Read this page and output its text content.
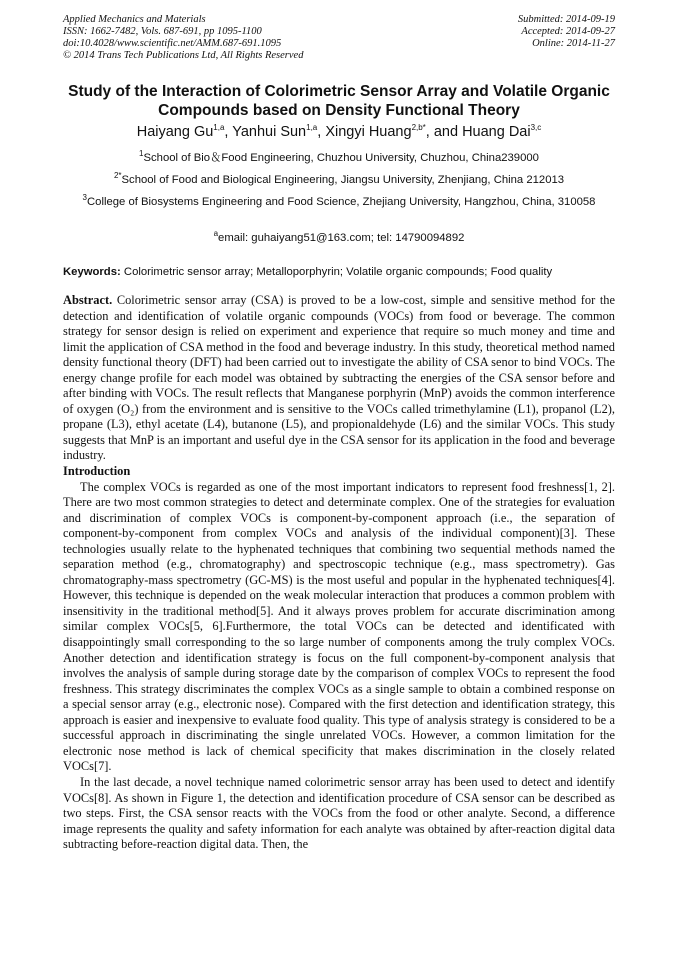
Applied Mechanics and Materials
ISSN: 1662-7482, Vols. 687-691, pp 1095-1100
doi:10.4028/www.scientific.net/AMM.687-691.1095
© 2014 Trans Tech Publications Ltd, All Rights Reserved
Submitted: 2014-09-19
Accepted: 2014-09-27
Online: 2014-11-27
Study of the Interaction of Colorimetric Sensor Array and Volatile Organic Compounds based on Density Functional Theory
Haiyang Gu$^{1,a}$, Yanhui Sun$^{1,a}$, Xingyi Huang$^{2,b*}$, and Huang Dai$^{3,c}$
$^1$School of Bio＆Food Engineering, Chuzhou University, Chuzhou, China239000
$^{2*}$School of Food and Biological Engineering, Jiangsu University, Zhenjiang, China 212013
$^3$College of Biosystems Engineering and Food Science, Zhejiang University, Hangzhou, China, 310058
$^a$email: guhaiyang51@163.com; tel: 14790094892
Keywords: Colorimetric sensor array; Metalloporphyrin; Volatile organic compounds; Food quality

Abstract. Colorimetric sensor array (CSA) is proved to be a low-cost, simple and sensitive method for the detection and identification of volatile organic compounds (VOCs) from food or beverage. The common strategy for sensor design is relied on experiment and experience that require so much money and time and limit the application of CSA method in the food and beverage industry. In this study, theoretical method named density functional theory (DFT) had been carried out to investigate the ability of CSA senor to bind VOCs. The energy change profile for each model was obtained by subtracting the energies of the CSA sensor before and after binding with VOCs. The result reflects that Manganese porphyrin (MnP) avoids the common interference of oxygen (O₂) from the environment and is sensitive to the VOCs called trimethylamine (L1), propanol (L2), propane (L3), ethyl acetate (L4), butanone (L5), and propionaldehyde (L6) and the similar VOCs. This study suggests that MnP is an important and useful dye in the CSA sensor for its application in the food and beverage industry.

Introduction

The complex VOCs is regarded as one of the most important indicators to represent food freshness[1, 2]. There are two most common strategies to detect and determinate complex. One of the strategies for evaluation and discrimination of complex VOCs is component-by-component approach (i.e., the separation of component-by-component from complex VOCs and analysis of the individual component)[3]. These technologies usually relate to the hyphenated techniques that combining two sequential methods named the separation method (e.g., chromatography) and spectroscopic technique (e.g., mass spectrometry). Gas chromatography-mass spectrometry (GC-MS) is the most useful and popular in the hyphenated techniques[4]. However, this technique is depended on the weak molecular interaction that produces a common problem with insensitivity in the traditional method[5]. And it always proves problem for accurate discrimination among similar complex VOCs[5, 6].Furthermore, the total VOCs can be detected and identificated with disappointingly small corresponding to the so large number of components among the truly complex VOCs. Another detection and identification strategy is focus on the full component-by-component analysis that involves the analysis of sample during storage date by the comparison of complex VOCs to represent the food freshness. This strategy discriminates the complex VOCs as a single sample to obtain a combined response on a special sensor array (e.g., electronic nose). Compared with the first detection and identification strategy, this approach is easier and inexpensive to evaluate food quality. This type of analysis strategy is considered to be a successful approach in discriminating the single unrelated VOCs. However, a common limitation for the electronic nose method is lack of chemical specificity that makes discrimination in the closely related VOCs[7].

In the last decade, a novel technique named colorimetric sensor array has been used to detect and identify VOCs[8]. As shown in Figure 1, the detection and identification procedure of CSA sensor can be described as two steps. First, the CSA sensor reacts with the VOCs from the food or other analyte. Second, a difference image represents the quality and safety information for each analyte was obtained by after-reaction digital data subtracting before-reaction digital data. Then, the
